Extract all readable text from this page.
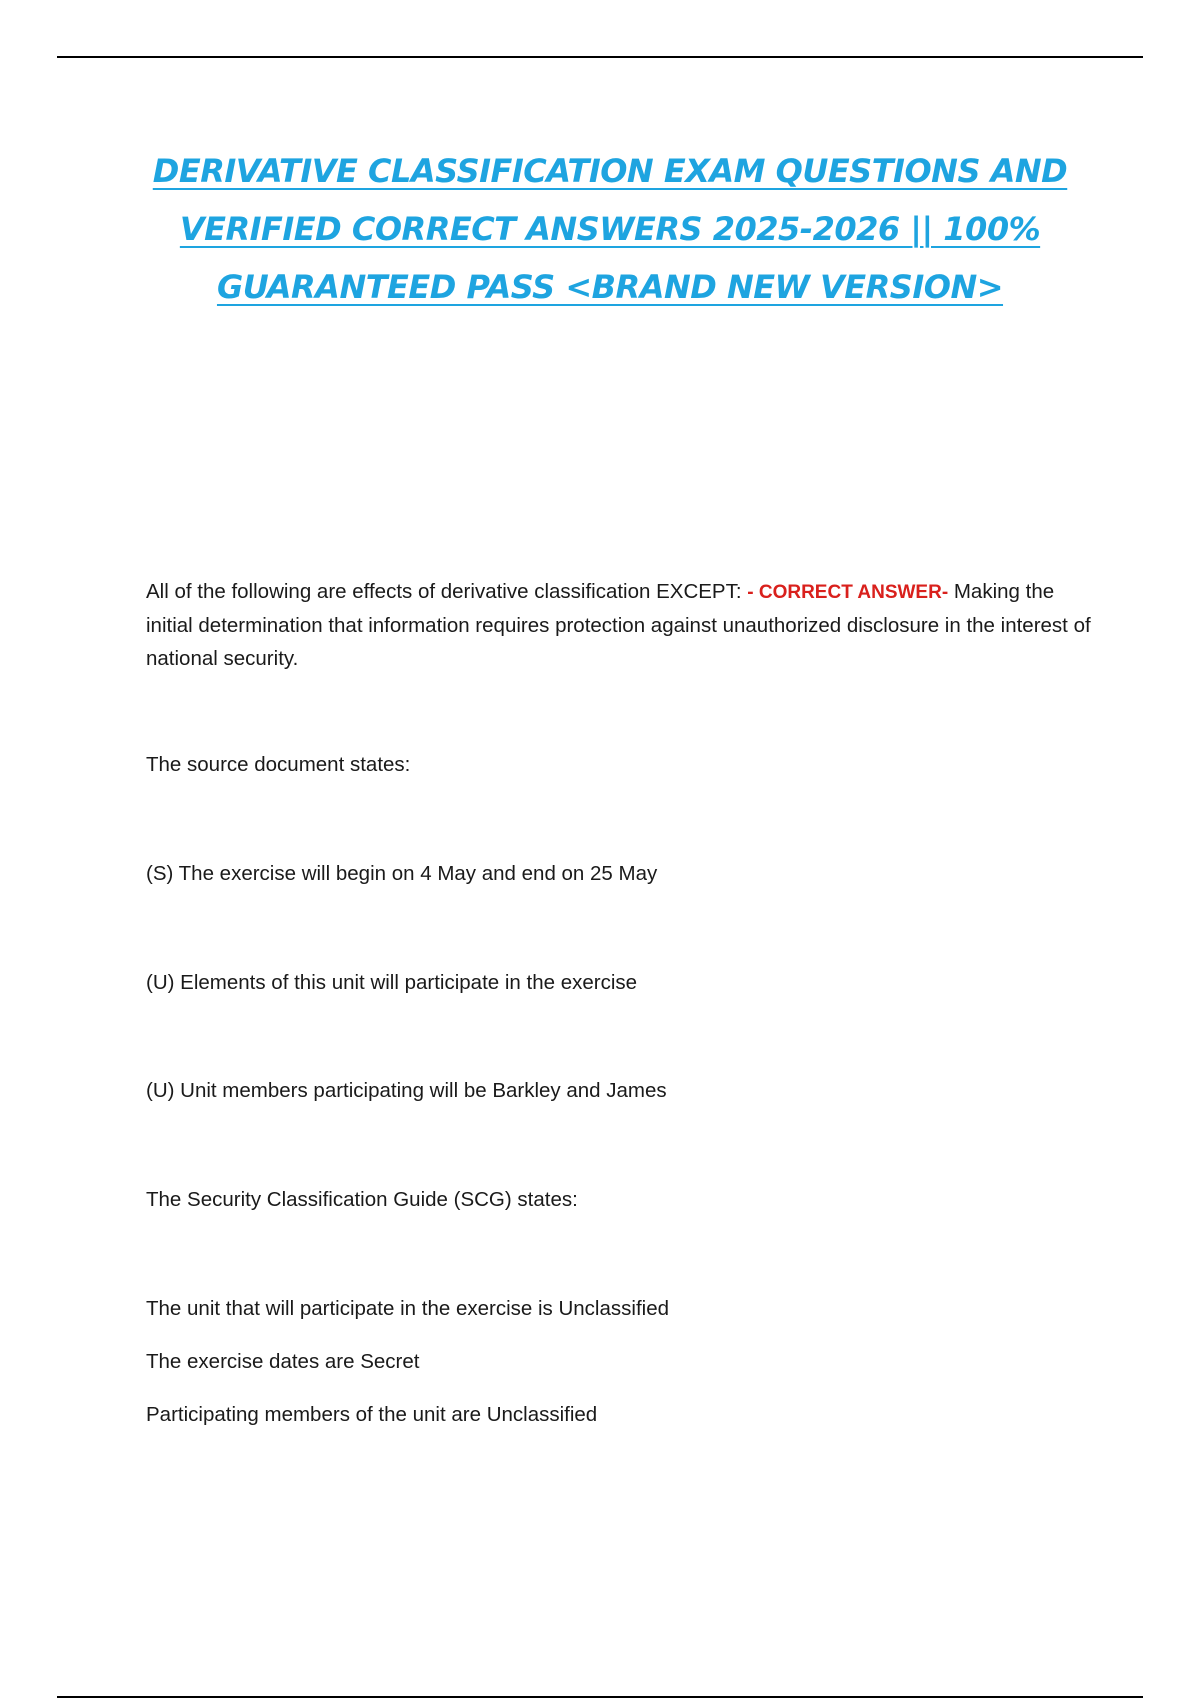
DERIVATIVE CLASSIFICATION EXAM QUESTIONS AND VERIFIED CORRECT ANSWERS 2025-2026 || 100% GUARANTEED PASS <BRAND NEW VERSION>

All of the following are effects of derivative classification EXCEPT: - CORRECT ANSWER- Making the initial determination that information requires protection against unauthorized disclosure in the interest of national security.

The source document states:

(S) The exercise will begin on 4 May and end on 25 May

(U) Elements of this unit will participate in the exercise

(U) Unit members participating will be Barkley and James

The Security Classification Guide (SCG) states:

The unit that will participate in the exercise is Unclassified

The exercise dates are Secret

Participating members of the unit are Unclassified
